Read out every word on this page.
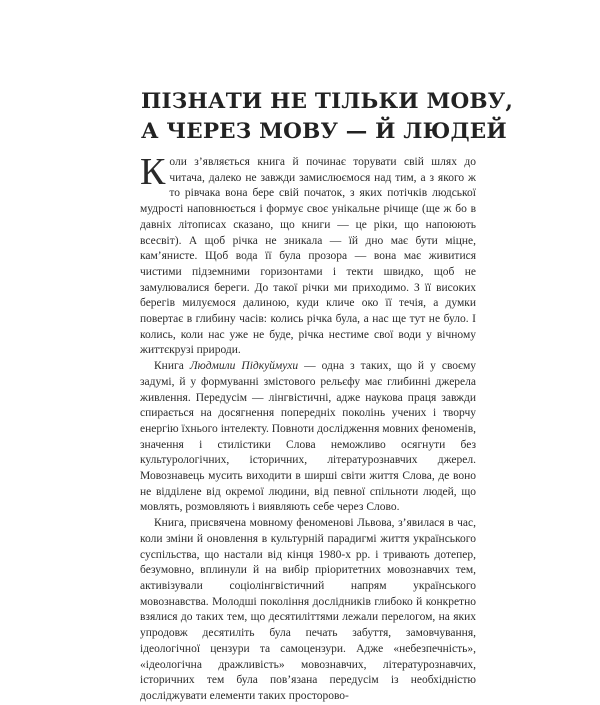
ПІЗНАТИ НЕ ТІЛЬКИ МОВУ,
А ЧЕРЕЗ МОВУ — Й ЛЮДЕЙ

Коли з’являється книга й починає торувати свій шлях до читача, далеко не завжди замислюємося над тим, а з якого ж то рівчака вона бере свій початок, з яких потічків людської мудрості наповнюється і формує своє унікальне річище (ще ж бо в давніх літописах сказано, що книги — це ріки, що напоюють всесвіт). А щоб річка не зникала — їй дно має бути міцне, кам’янисте. Щоб вода її була прозора — вона має живитися чистими підземними горизонтами і текти швидко, щоб не замулювалися береги. До такої річки ми приходимо. З її високих берегів милуємося далиною, куди кличе око її течія, а думки повертає в глибину часів: колись річка була, а нас ще тут не було. І колись, коли нас уже не буде, річка нестиме свої води у вічному життєкрузі природи.

Книга Людмили Підкуймухи — одна з таких, що й у своєму задумі, й у формуванні змістового рельєфу має глибинні джерела живлення. Передусім — лінгвістичні, адже наукова праця завжди спирається на досягнення попередніх поколінь учених і творчу енергію їхнього інтелекту. Повноти дослідження мовних феноменів, значення і стилістики Слова неможливо осягнути без культурологічних, історичних, літературознавчих джерел. Мовознавець мусить виходити в ширші світи життя Слова, де воно не відділене від окремої людини, від певної спільноти людей, що мовлять, розмовляють і виявляють себе через Слово.

Книга, присвячена мовному феноменові Львова, з’явилася в час, коли зміни й оновлення в культурній парадигмі життя українського суспільства, що настали від кінця 1980-х рр. і тривають дотепер, безумовно, вплинули й на вибір пріоритетних мовознавчих тем, активізували соціолінгвістичний напрям українського мовознавства. Молодші покоління дослідників глибоко й конкретно взялися до таких тем, що десятиліттями лежали перелогом, на яких упродовж десятиліть була печать забуття, замовчування, ідеологічної цензури та самоцензури. Адже «небезпечність», «ідеологічна дражливість» мовознавчих, літературознавчих, історичних тем була пов’язана передусім із необхідністю досліджувати елементи таких просторово-
